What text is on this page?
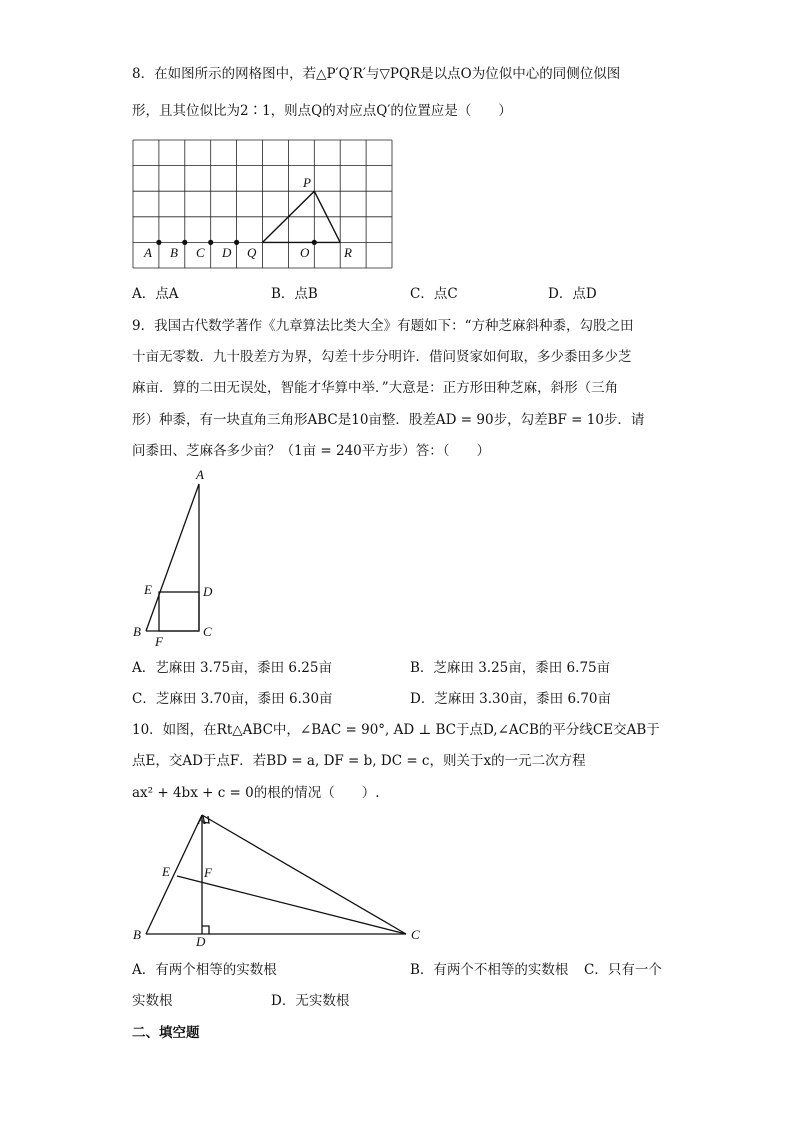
8．在如图所示的网格图中，若△P′Q′R′与▽PQR是以点O为位似中心的同侧位似图
形，且其位似比为2∶1，则点Q的对应点Q′的位置应是（　　）
A B C D Q	O	R
P
A．点A	B．点B	C．点C	D．点D
9．我国古代数学著作《九章算法比类大全》有题如下：“方种芝麻斜种黍，勾股之田
十亩无零数．九十股差方为界，勾差十步分明许．借问贤家如何取，多少黍田多少芝
麻亩．算的二田无误处，智能才华算中举．”大意是：正方形田种芝麻，斜形（三角
形）种黍，有一块直角三角形ABC是10亩整．股差AD = 90步，勾差BF = 10步．请
问黍田、芝麻各多少亩？（1亩 = 240平方步）答：（　　）
A
E	D
B
F
C
A．艺麻田 3.75亩，黍田 6.25亩	B．芝麻田 3.25亩，黍田 6.75亩
C．芝麻田 3.70亩，黍田 6.30亩	D．芝麻田 3.30亩，黍田 6.70亩
10．如图，在Rt△ABC中，∠BAC = 90°, AD ⊥ BC于点D,∠ACB的平分线CE交AB于
点E，交AD于点F．若BD = a, DF = b, DC = c，则关于x的一元二次方程
ax² + 4bx + c = 0的根的情况（　　）.
A
E	F
B	D	C
A．有两个相等的实数根	B．有两个不相等的实数根 C．只有一个
实数根	D．无实数根
二、填空题
